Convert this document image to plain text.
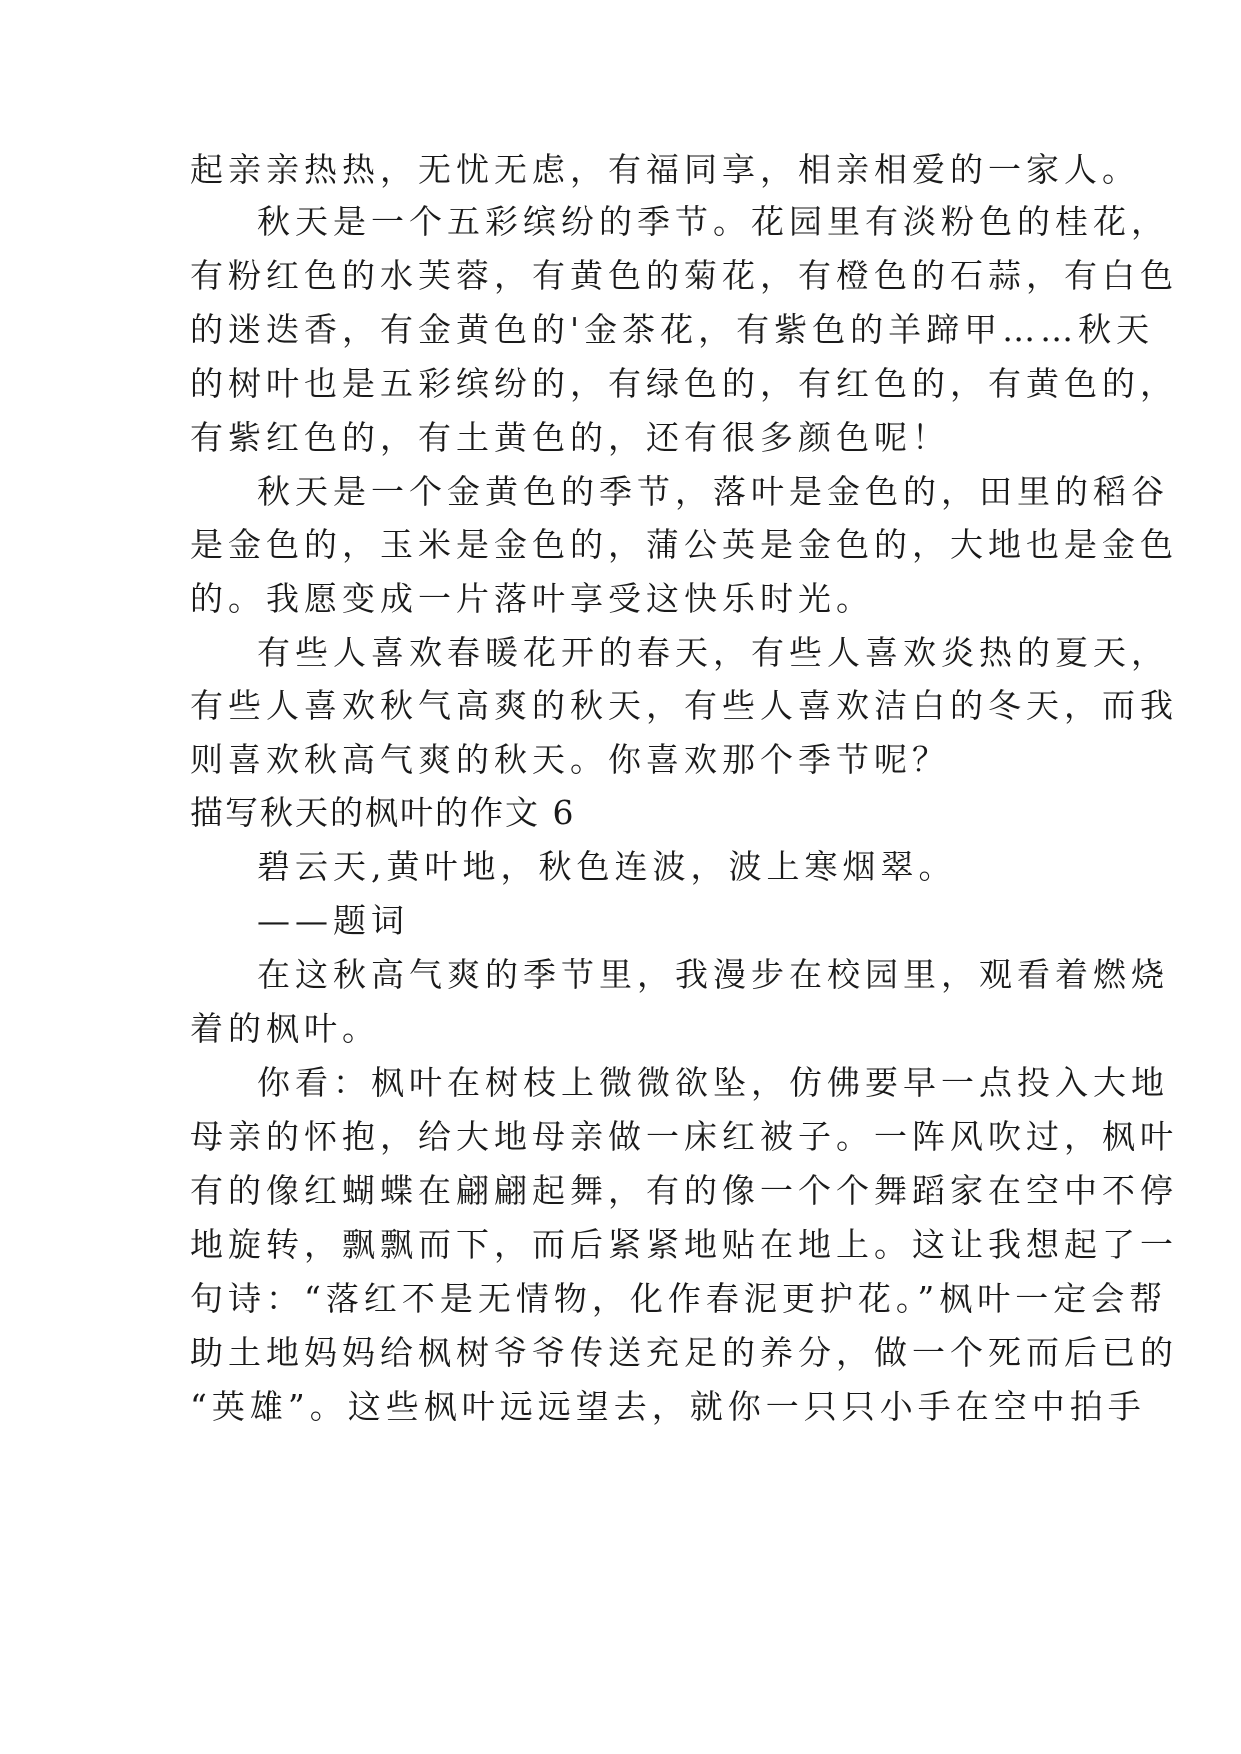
起亲亲热热，无忧无虑，有福同享，相亲相爱的一家人。
秋天是一个五彩缤纷的季节。花园里有淡粉色的桂花，
有粉红色的水芙蓉，有黄色的菊花，有橙色的石蒜，有白色
的迷迭香，有金黄色的'金茶花，有紫色的羊蹄甲……秋天
的树叶也是五彩缤纷的，有绿色的，有红色的，有黄色的，
有紫红色的，有土黄色的，还有很多颜色呢！
秋天是一个金黄色的季节，落叶是金色的，田里的稻谷
是金色的，玉米是金色的，蒲公英是金色的，大地也是金色
的。我愿变成一片落叶享受这快乐时光。
有些人喜欢春暖花开的春天，有些人喜欢炎热的夏天，
有些人喜欢秋气高爽的秋天，有些人喜欢洁白的冬天，而我
则喜欢秋高气爽的秋天。你喜欢那个季节呢？
描写秋天的枫叶的作文 6
碧云天,黄叶地，秋色连波，波上寒烟翠。
——题词
在这秋高气爽的季节里，我漫步在校园里，观看着燃烧
着的枫叶。
你看：枫叶在树枝上微微欲坠，仿佛要早一点投入大地
母亲的怀抱，给大地母亲做一床红被子。一阵风吹过，枫叶
有的像红蝴蝶在翩翩起舞，有的像一个个舞蹈家在空中不停
地旋转，飘飘而下，而后紧紧地贴在地上。这让我想起了一
句诗：“落红不是无情物，化作春泥更护花。”枫叶一定会帮
助土地妈妈给枫树爷爷传送充足的养分，做一个死而后已的
“英雄”。这些枫叶远远望去，就你一只只小手在空中拍手
